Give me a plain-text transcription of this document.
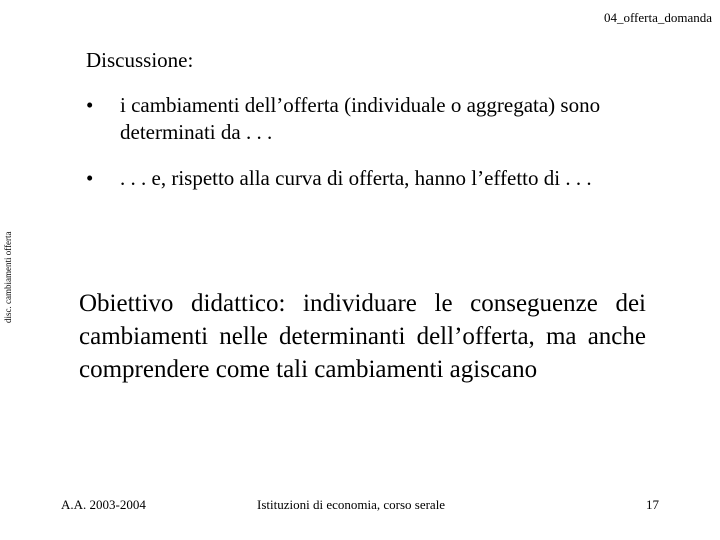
04_offerta_domanda
disc. cambiamenti offerta
Discussione:
• i cambiamenti dell’offerta (individuale o aggregata) sono determinati da . . .
• . . . e, rispetto alla curva di offerta, hanno l’effetto di . . .
Obiettivo didattico: individuare le conseguenze dei cambiamenti nelle determinanti dell’offerta, ma anche comprendere come tali cambiamenti agiscano
A.A. 2003-2004	Istituzioni di economia, corso serale	17
